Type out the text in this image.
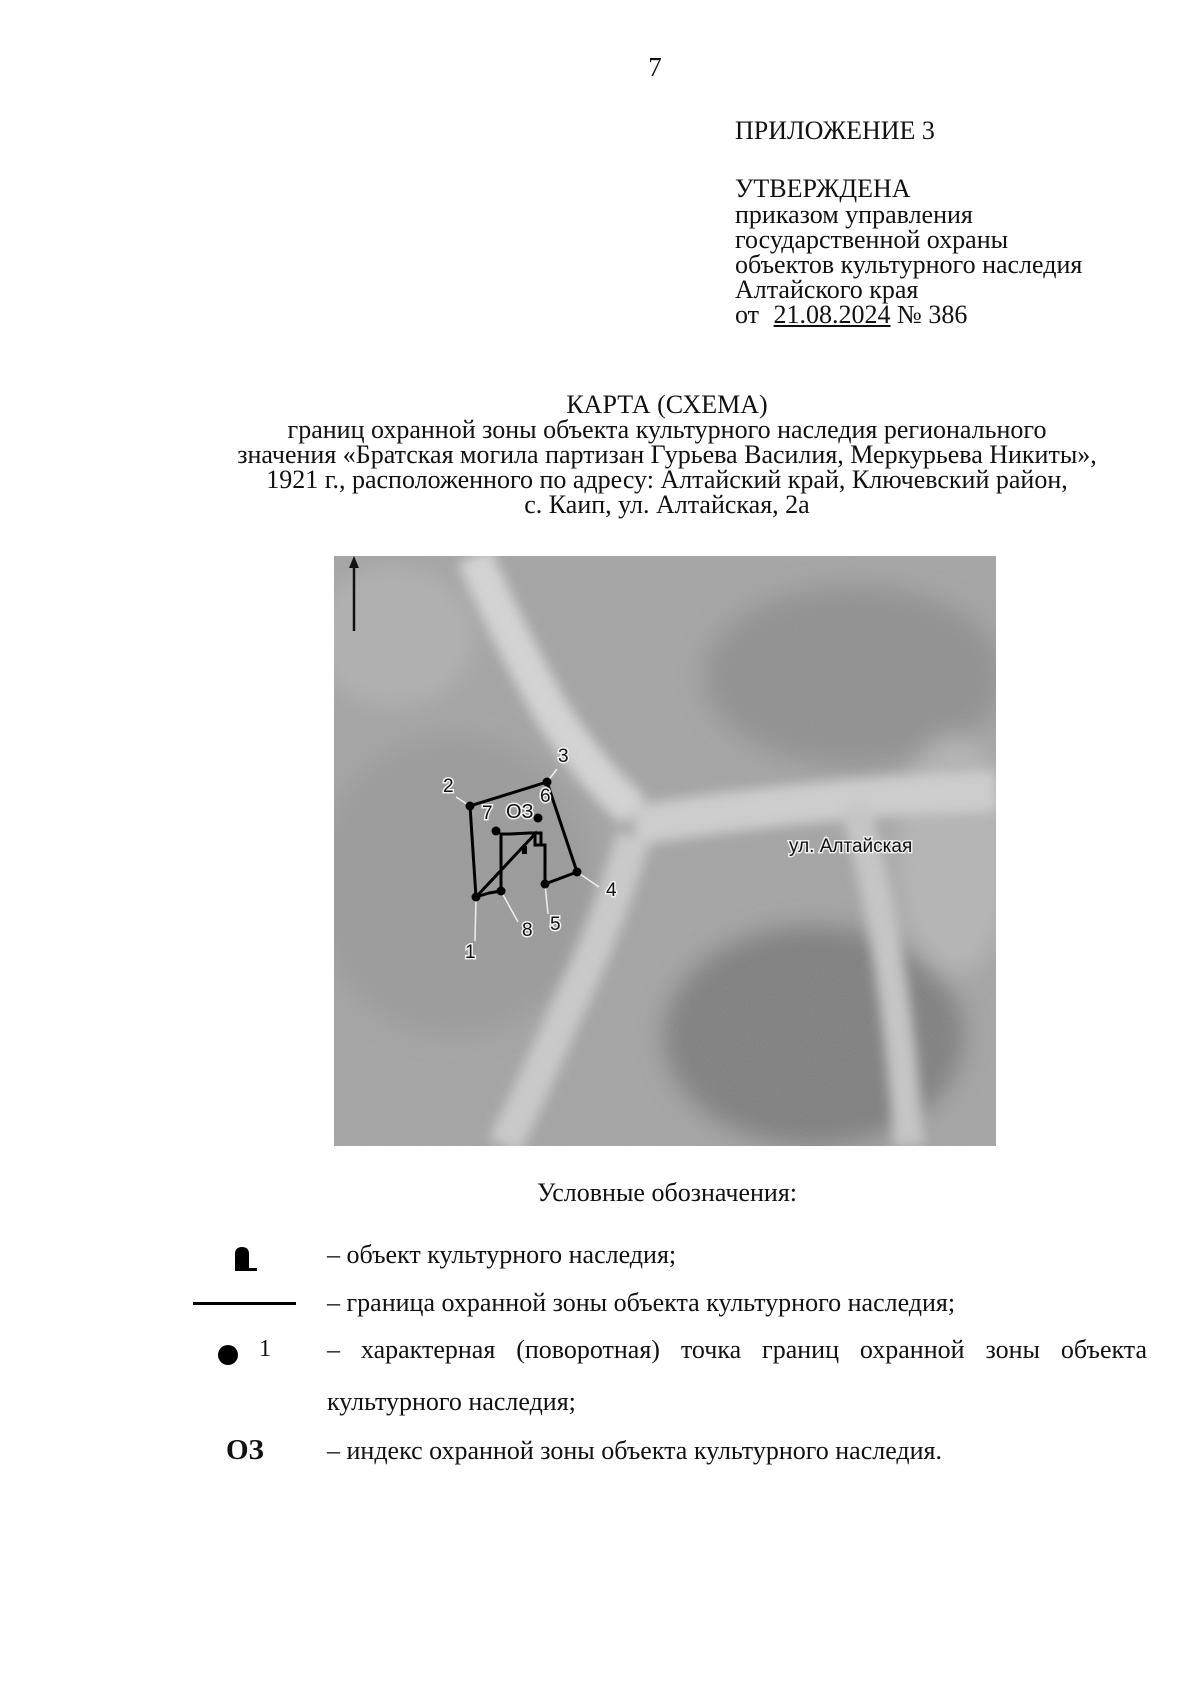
7
ПРИЛОЖЕНИЕ 3
УТВЕРЖДЕНА
приказом управления
государственной охраны
объектов культурного наследия
Алтайского края
от 21.08.2024 № 386
КАРТА (СХЕМА)
границ охранной зоны объекта культурного наследия регионального
значения «Братская могила партизан Гурьева Василия, Меркурьева Никиты»,
1921 г., расположенного по адресу: Алтайский край, Ключевский район,
с. Каип, ул. Алтайская, 2а
1
2
3
4
5
6
7
8
ОЗ
ул. Алтайская
Условные обозначения:
– объект культурного наследия;
– граница охранной зоны объекта культурного наследия;
1 – характерная (поворотная) точка границ охранной зоны объекта
культурного наследия;
ОЗ – индекс охранной зоны объекта культурного наследия.
